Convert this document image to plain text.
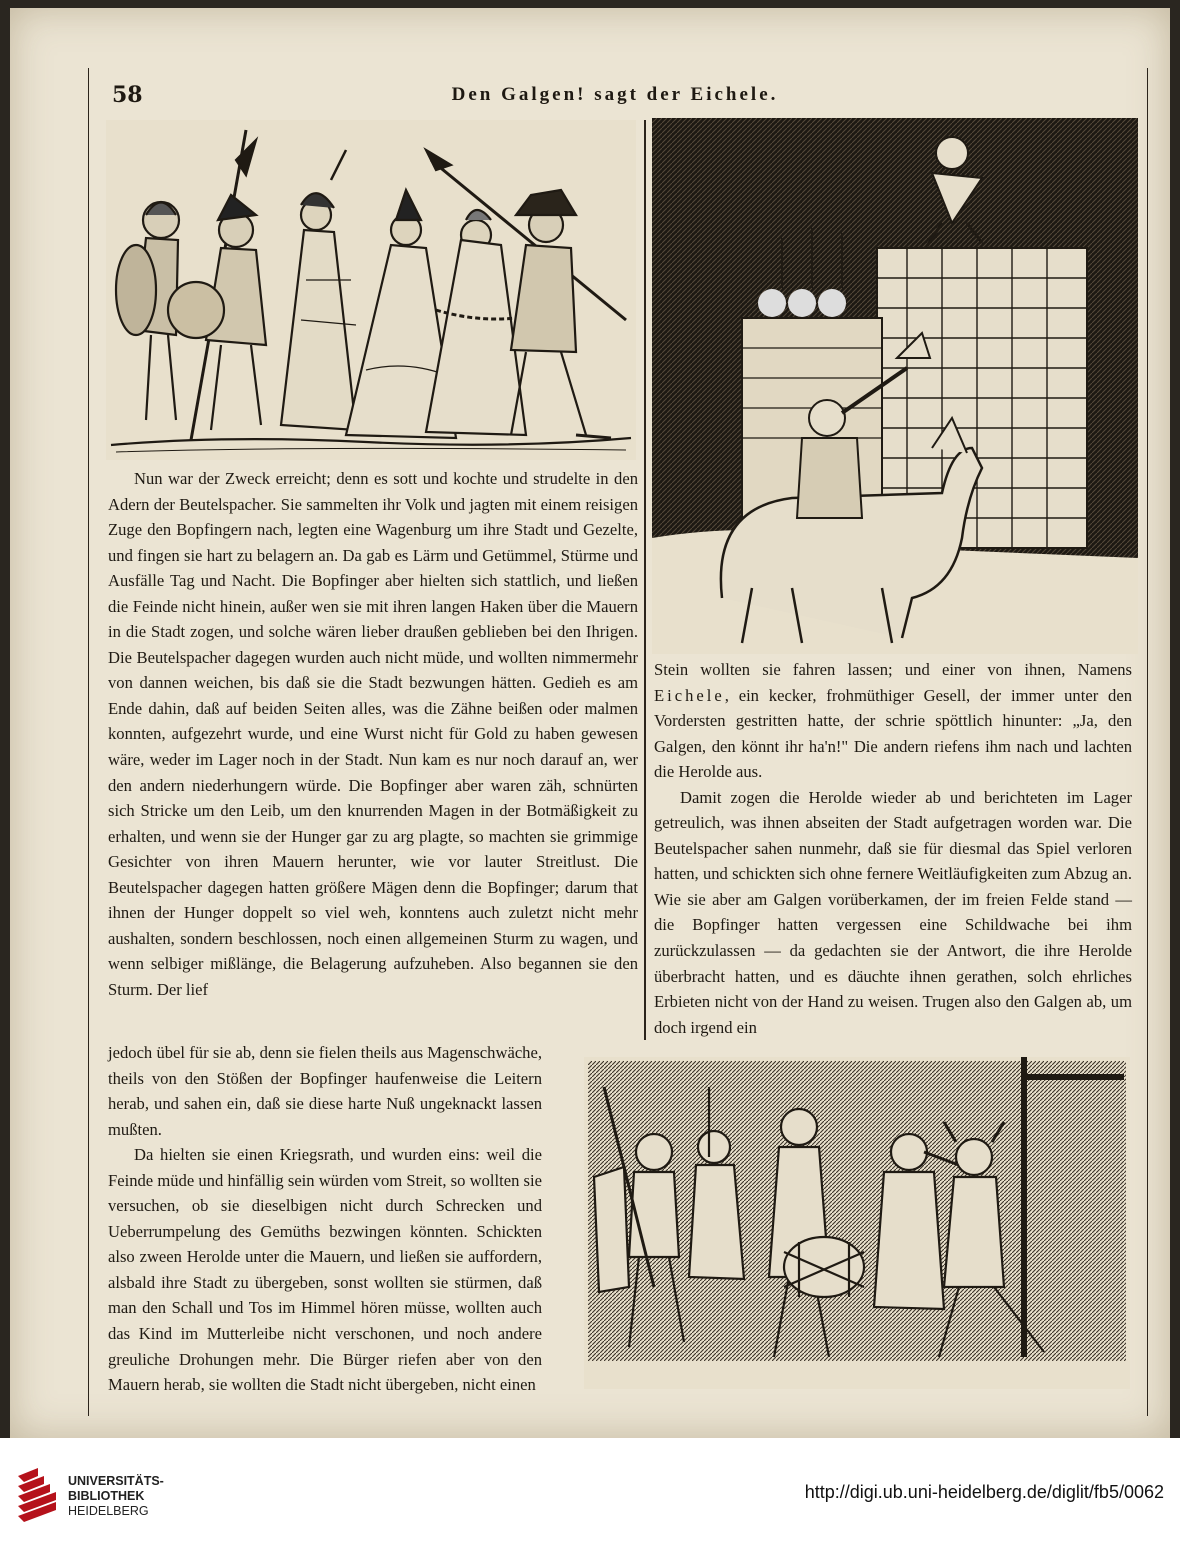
58	Den Galgen! sagt der Eichele.

Nun war der Zweck erreicht; denn es sott und kochte und strudelte in den Adern der Beutelspacher. Sie sammelten ihr Volk und jagten mit einem reisigen Zuge den Bopfingern nach, legten eine Wagenburg um ihre Stadt und Gezelte, und fingen sie hart zu belagern an. Da gab es Lärm und Getümmel, Stürme und Ausfälle Tag und Nacht. Die Bopfinger aber hielten sich stattlich, und ließen die Feinde nicht hinein, außer wen sie mit ihren langen Haken über die Mauern in die Stadt zogen, und solche wären lieber draußen geblieben bei den Ihrigen. Die Beutelspacher dagegen wurden auch nicht müde, und wollten nimmermehr von dannen weichen, bis daß sie die Stadt bezwungen hätten. Gedieh es am Ende dahin, daß auf beiden Seiten alles, was die Zähne beißen oder malmen konnten, aufgezehrt wurde, und eine Wurst nicht für Gold zu haben gewesen wäre, weder im Lager noch in der Stadt. Nun kam es nur noch darauf an, wer den andern niederhungern würde. Die Bopfinger aber waren zäh, schnürten sich Stricke um den Leib, um den knurrenden Magen in der Botmäßigkeit zu erhalten, und wenn sie der Hunger gar zu arg plagte, so machten sie grimmige Gesichter von ihren Mauern herunter, wie vor lauter Streitlust. Die Beutelspacher dagegen hatten größere Mägen denn die Bopfinger; darum that ihnen der Hunger doppelt so viel weh, konntens auch zuletzt nicht mehr aushalten, sondern beschlossen, noch einen allgemeinen Sturm zu wagen, und wenn selbiger mißlänge, die Belagerung aufzuheben. Also begannen sie den Sturm. Der lief

jedoch übel für sie ab, denn sie fielen theils aus Magenschwäche, theils von den Stößen der Bopfinger haufenweise die Leitern herab, und sahen ein, daß sie diese harte Nuß ungeknackt lassen mußten.

Da hielten sie einen Kriegsrath, und wurden eins: weil die Feinde müde und hinfällig sein würden vom Streit, so wollten sie versuchen, ob sie dieselbigen nicht durch Schrecken und Ueberrumpelung des Gemüths bezwingen könnten. Schickten also zween Herolde unter die Mauern, und ließen sie auffordern, alsbald ihre Stadt zu übergeben, sonst wollten sie stürmen, daß man den Schall und Tos im Himmel hören müsse, wollten auch das Kind im Mutterleibe nicht verschonen, und noch andere greuliche Drohungen mehr. Die Bürger riefen aber von den Mauern herab, sie wollten die Stadt nicht übergeben, nicht einen

Stein wollten sie fahren lassen; und einer von ihnen, Namens Eichele, ein kecker, frohmüthiger Gesell, der immer unter den Vordersten gestritten hatte, der schrie spöttlich hinunter: „Ja, den Galgen, den könnt ihr ha'n!" Die andern riefens ihm nach und lachten die Herolde aus.

Damit zogen die Herolde wieder ab und berichteten im Lager getreulich, was ihnen abseiten der Stadt aufgetragen worden war. Die Beutelspacher sahen nunmehr, daß sie für diesmal das Spiel verloren hatten, und schickten sich ohne fernere Weitläufigkeiten zum Abzug an. Wie sie aber am Galgen vorüberkamen, der im freien Felde stand — die Bopfinger hatten vergessen eine Schildwache bei ihm zurückzulassen — da gedachten sie der Antwort, die ihre Herolde überbracht hatten, und es däuchte ihnen gerathen, solch ehrliches Erbieten nicht von der Hand zu weisen. Trugen also den Galgen ab, um doch irgend ein

UNIVERSITÄTS-
BIBLIOTHEK
HEIDELBERG
http://digi.ub.uni-heidelberg.de/diglit/fb5/0062
